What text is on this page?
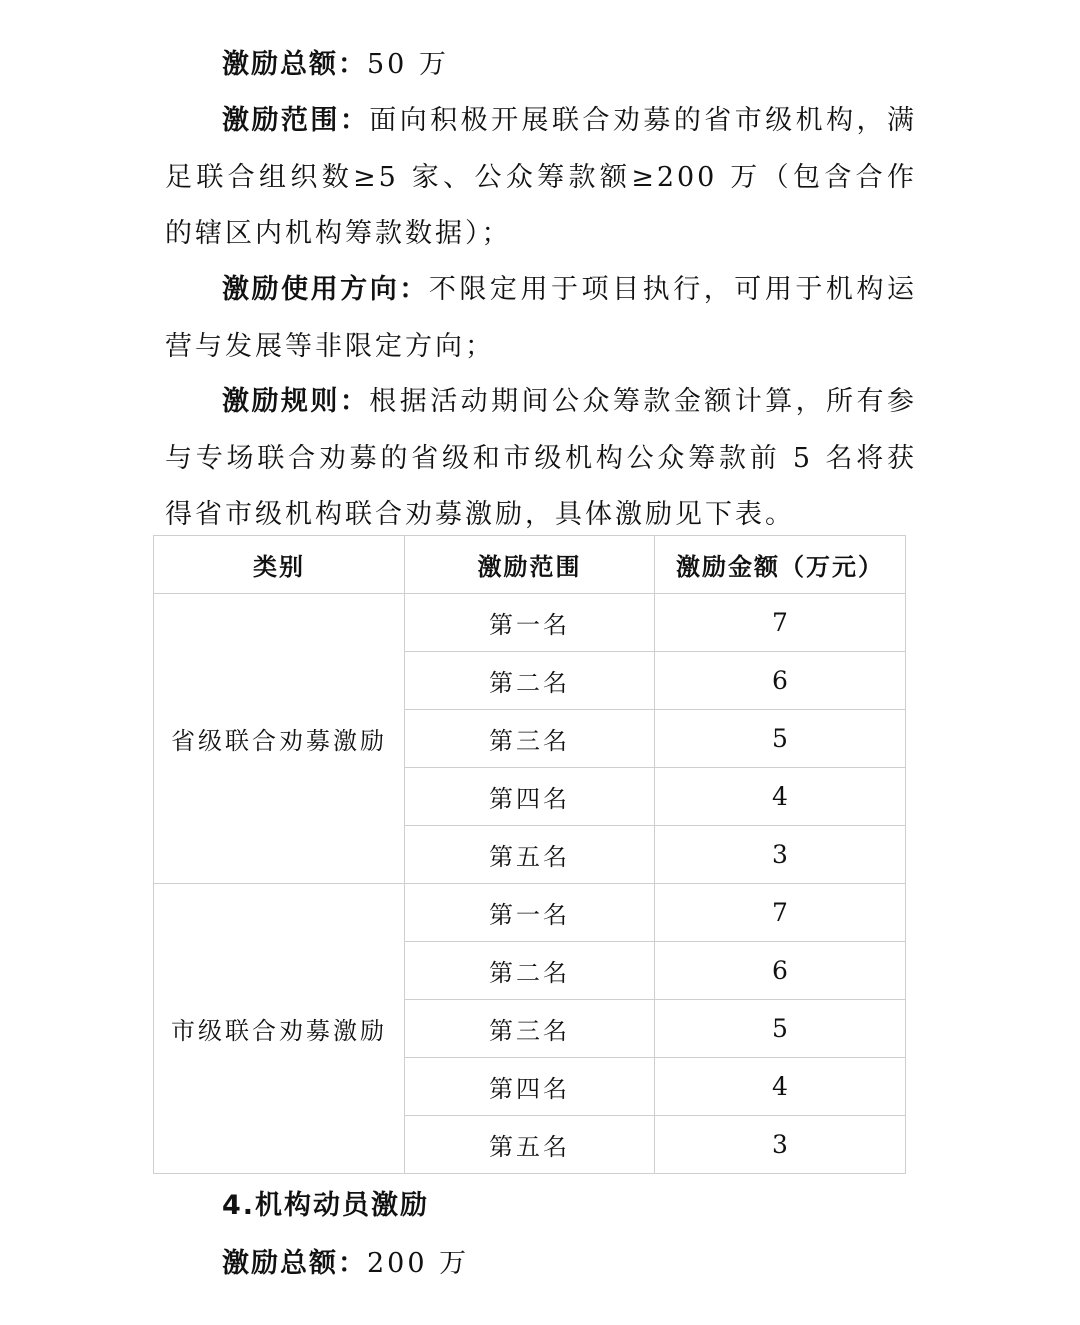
激励总额：50 万

激励范围：面向积极开展联合劝募的省市级机构，满足联合组织数≥5 家、公众筹款额≥200 万（包含合作的辖区内机构筹款数据）；

激励使用方向：不限定用于项目执行，可用于机构运营与发展等非限定方向；

激励规则：根据活动期间公众筹款金额计算，所有参与专场联合劝募的省级和市级机构公众筹款前 5 名将获得省市级机构联合劝募激励，具体激励见下表。

类别	激励范围	激励金额（万元）
省级联合劝募激励	第一名	7
	第二名	6
	第三名	5
	第四名	4
	第五名	3
市级联合劝募激励	第一名	7
	第二名	6
	第三名	5
	第四名	4
	第五名	3

4.机构动员激励

激励总额：200 万
